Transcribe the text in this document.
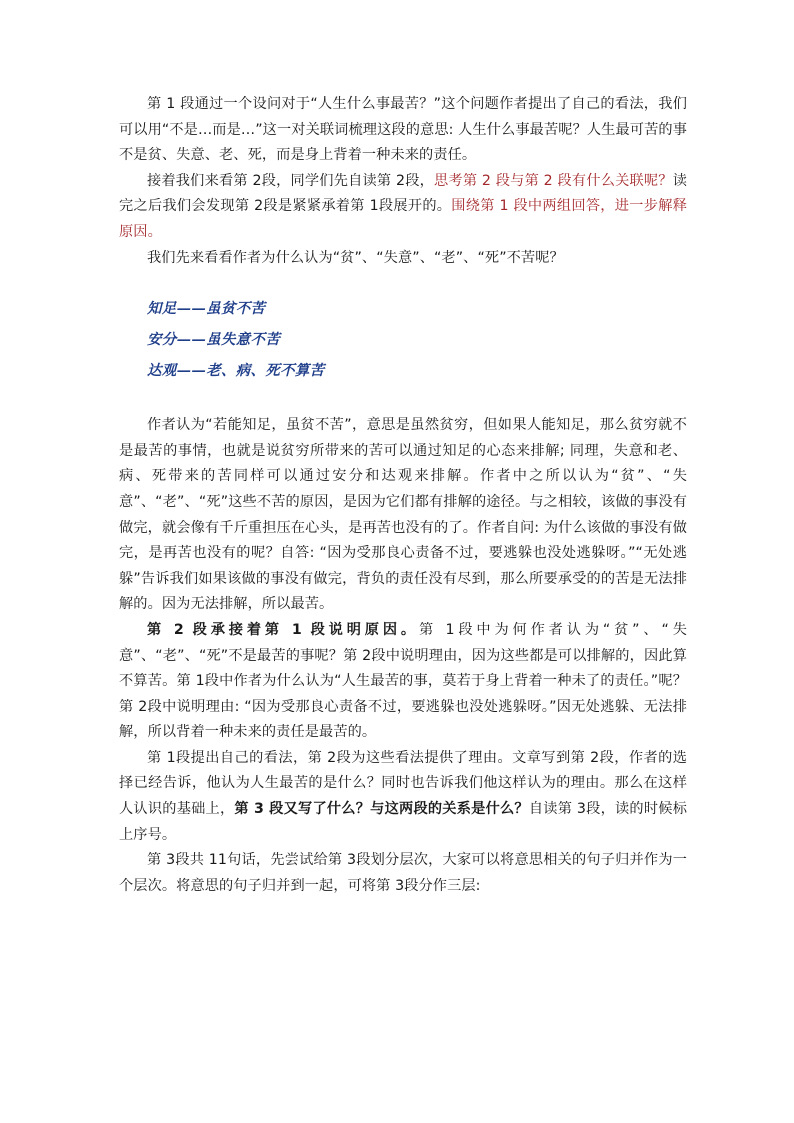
第 1 段通过一个设问对于“人生什么事最苦？”这个问题作者提出了自己的看法，我们可以用“不是…而是…”这一对关联词梳理这段的意思: 人生什么事最苦呢？人生最可苦的事不是贫、失意、老、死，而是身上背着一种未来的责任。

接着我们来看第 2段，同学们先自读第 2段，思考第 2 段与第 2 段有什么关联呢？读完之后我们会发现第 2段是紧紧承着第 1段展开的。围绕第 1 段中两组回答，进一步解释原因。

我们先来看看作者为什么认为“贫”、“失意”、“老”、“死”不苦呢？

知足——虽贫不苦
安分——虽失意不苦
达观——老、病、死不算苦

作者认为“若能知足，虽贫不苦”，意思是虽然贫穷，但如果人能知足，那么贫穷就不是最苦的事情，也就是说贫穷所带来的苦可以通过知足的心态来排解; 同理，失意和老、病、死带来的苦同样可以通过安分和达观来排解。作者中之所以认为“贫”、“失意”、“老”、“死”这些不苦的原因，是因为它们都有排解的途径。与之相较，该做的事没有做完，就会像有千斤重担压在心头，是再苦也没有的了。作者自问: 为什么该做的事没有做完，是再苦也没有的呢？自答: “因为受那良心责备不过，要逃躲也没处逃躲呀。”“无处逃躲”告诉我们如果该做的事没有做完，背负的责任没有尽到，那么所要承受的的苦是无法排解的。因为无法排解，所以最苦。

第 2 段承接着第 1 段说明原因。第 1段中为何作者认为“贫”、“失意”、“老”、“死”不是最苦的事呢？第 2段中说明理由，因为这些都是可以排解的，因此算不算苦。第 1段中作者为什么认为“人生最苦的事，莫若于身上背着一种未了的责任。”呢？第 2段中说明理由: “因为受那良心责备不过，要逃躲也没处逃躲呀。”因无处逃躲、无法排解，所以背着一种未来的责任是最苦的。

第 1段提出自己的看法，第 2段为这些看法提供了理由。文章写到第 2段，作者的选择已经告诉，他认为人生最苦的是什么？同时也告诉我们他这样认为的理由。那么在这样人认识的基础上，第 3 段又写了什么？与这两段的关系是什么？自读第 3段，读的时候标上序号。

第 3段共 11句话，先尝试给第 3段划分层次，大家可以将意思相关的句子归并作为一个层次。将意思的句子归并到一起，可将第 3段分作三层:
